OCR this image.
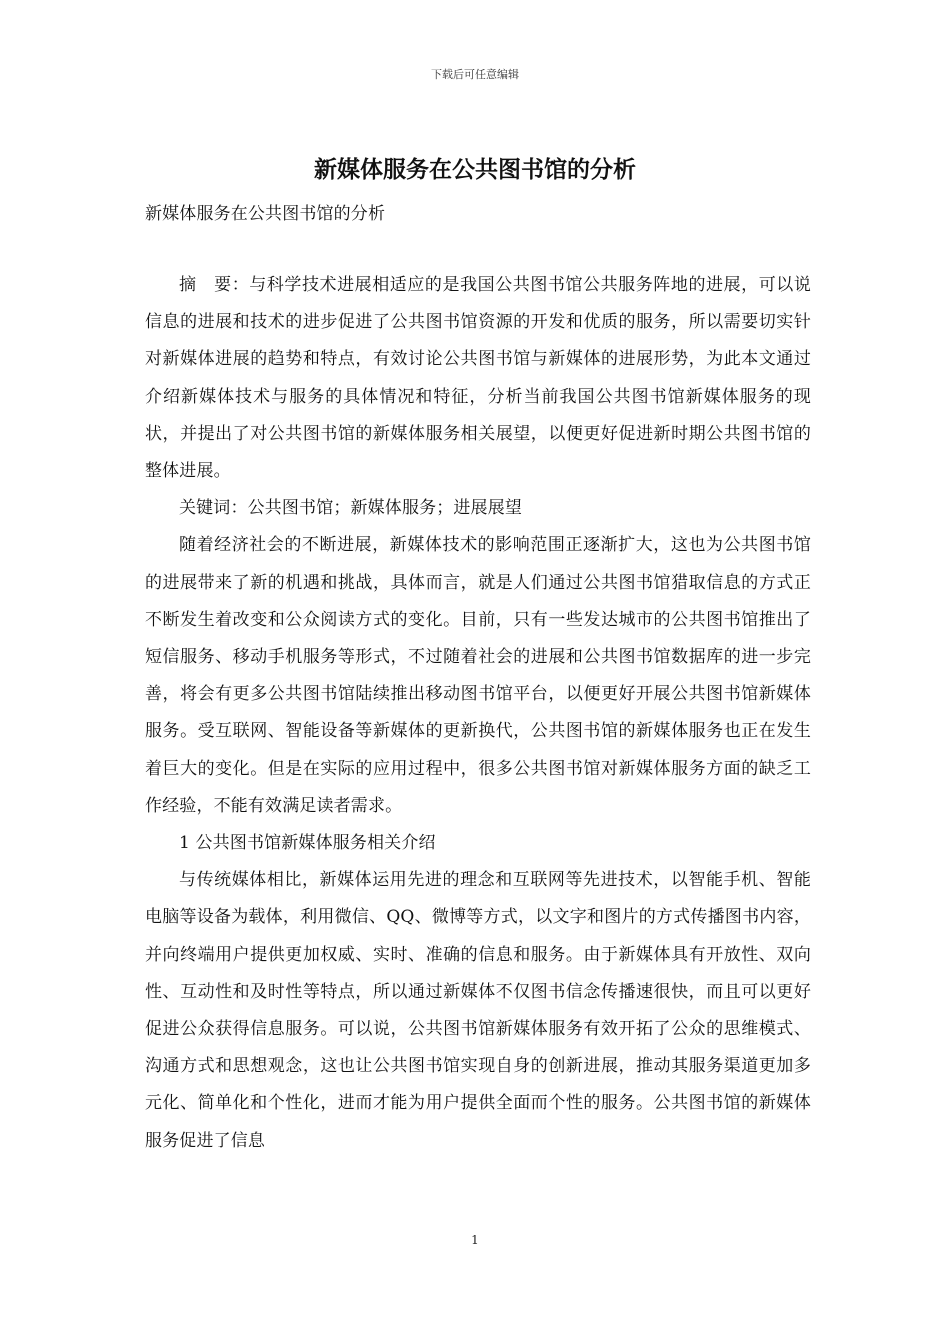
下载后可任意编辑
新媒体服务在公共图书馆的分析
新媒体服务在公共图书馆的分析

摘　要：与科学技术进展相适应的是我国公共图书馆公共服务阵地的进展，可以说信息的进展和技术的进步促进了公共图书馆资源的开发和优质的服务，所以需要切实针对新媒体进展的趋势和特点，有效讨论公共图书馆与新媒体的进展形势，为此本文通过介绍新媒体技术与服务的具体情况和特征，分析当前我国公共图书馆新媒体服务的现状，并提出了对公共图书馆的新媒体服务相关展望，以便更好促进新时期公共图书馆的整体进展。

关键词：公共图书馆；新媒体服务；进展展望

随着经济社会的不断进展，新媒体技术的影响范围正逐渐扩大，这也为公共图书馆的进展带来了新的机遇和挑战，具体而言，就是人们通过公共图书馆猎取信息的方式正不断发生着改变和公众阅读方式的变化。目前，只有一些发达城市的公共图书馆推出了短信服务、移动手机服务等形式，不过随着社会的进展和公共图书馆数据库的进一步完善，将会有更多公共图书馆陆续推出移动图书馆平台，以便更好开展公共图书馆新媒体服务。受互联网、智能设备等新媒体的更新换代，公共图书馆的新媒体服务也正在发生着巨大的变化。但是在实际的应用过程中，很多公共图书馆对新媒体服务方面的缺乏工作经验，不能有效满足读者需求。

1 公共图书馆新媒体服务相关介绍

与传统媒体相比，新媒体运用先进的理念和互联网等先进技术，以智能手机、智能电脑等设备为载体，利用微信、QQ、微博等方式，以文字和图片的方式传播图书内容，并向终端用户提供更加权威、实时、准确的信息和服务。由于新媒体具有开放性、双向性、互动性和及时性等特点，所以通过新媒体不仅图书信念传播速很快，而且可以更好促进公众获得信息服务。可以说，公共图书馆新媒体服务有效开拓了公众的思维模式、沟通方式和思想观念，这也让公共图书馆实现自身的创新进展，推动其服务渠道更加多元化、简单化和个性化，进而才能为用户提供全面而个性的服务。公共图书馆的新媒体服务促进了信息

1
